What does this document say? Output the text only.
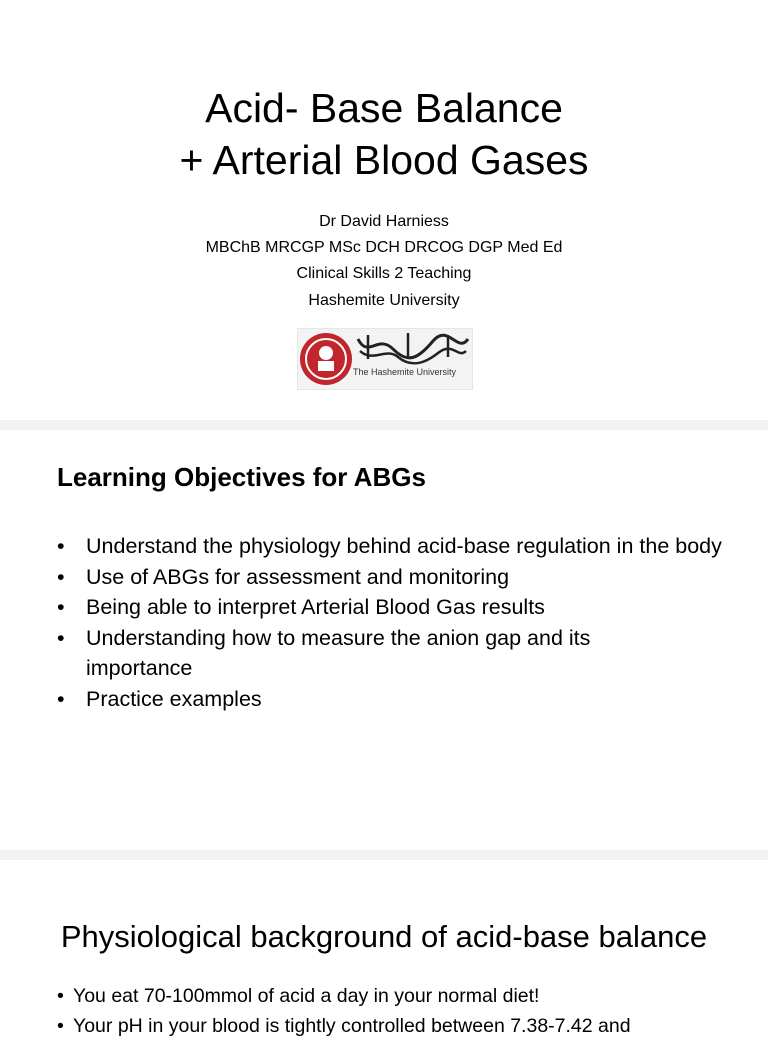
Acid- Base Balance
+ Arterial Blood Gases
Dr David Harniess
MBChB MRCGP MSc DCH DRCOG DGP Med Ed
Clinical Skills 2 Teaching
Hashemite University
The Hashemite University
Learning Objectives for ABGs
• Understand the physiology behind acid-base regulation in the body
• Use of ABGs for assessment and monitoring
• Being able to interpret Arterial Blood Gas results
• Understanding how to measure the anion gap and its importance
• Practice examples
Physiological background of acid-base balance
• You eat 70-100mmol of acid a day in your normal diet!
• Your pH in your blood is tightly controlled between 7.38-7.42 and
